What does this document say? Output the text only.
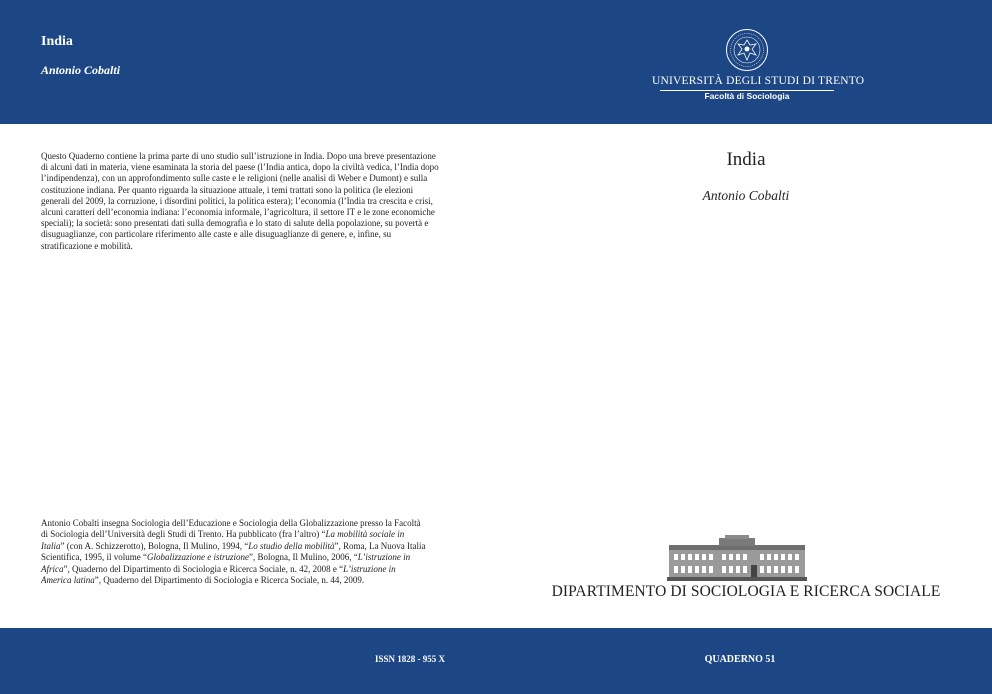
India
Antonio Cobalti
UNIVERSITÀ DEGLI STUDI DI TRENTO
Facoltà di Sociologia

Questo Quaderno contiene la prima parte di uno studio sull’istruzione in India. Dopo una breve presentazione di alcuni dati in materia, viene esaminata la storia del paese (l’India antica, dopo la civiltà vedica, l’India dopo l’indipendenza), con un approfondimento sulle caste e le religioni (nelle analisi di Weber e Dumont) e sulla costituzione indiana. Per quanto riguarda la situazione attuale, i temi trattati sono la politica (le elezioni generali del 2009, la corruzione, i disordini politici, la politica estera); l’economia (l’India tra crescita e crisi, alcuni caratteri dell’economia indiana: l’economia informale, l’agricoltura, il settore IT e le zone economiche speciali); la società: sono presentati dati sulla demografia e lo stato di salute della popolazione, su povertà e disuguaglianze, con particolare riferimento alle caste e alle disuguaglianze di genere, e, infine, su stratificazione e mobilità.

Antonio Cobalti insegna Sociologia dell’Educazione e Sociologia della Globalizzazione presso la Facoltà di Sociologia dell’Università degli Studi di Trento. Ha pubblicato (fra l’altro) “La mobilità sociale in Italia” (con A. Schizzerotto), Bologna, Il Mulino, 1994, “Lo studio della mobilità”, Roma, La Nuova Italia Scientifica, 1995, il volume “Globalizzazione e istruzione”, Bologna, Il Mulino, 2006, “L’istruzione in Africa”, Quaderno del Dipartimento di Sociologia e Ricerca Sociale, n. 42, 2008 e “L’istruzione in America latina”, Quaderno del Dipartimento di Sociologia e Ricerca Sociale, n. 44, 2009.

India
Antonio Cobalti
DIPARTIMENTO DI SOCIOLOGIA E RICERCA SOCIALE
ISSN 1828 - 955 X	QUADERNO 51
